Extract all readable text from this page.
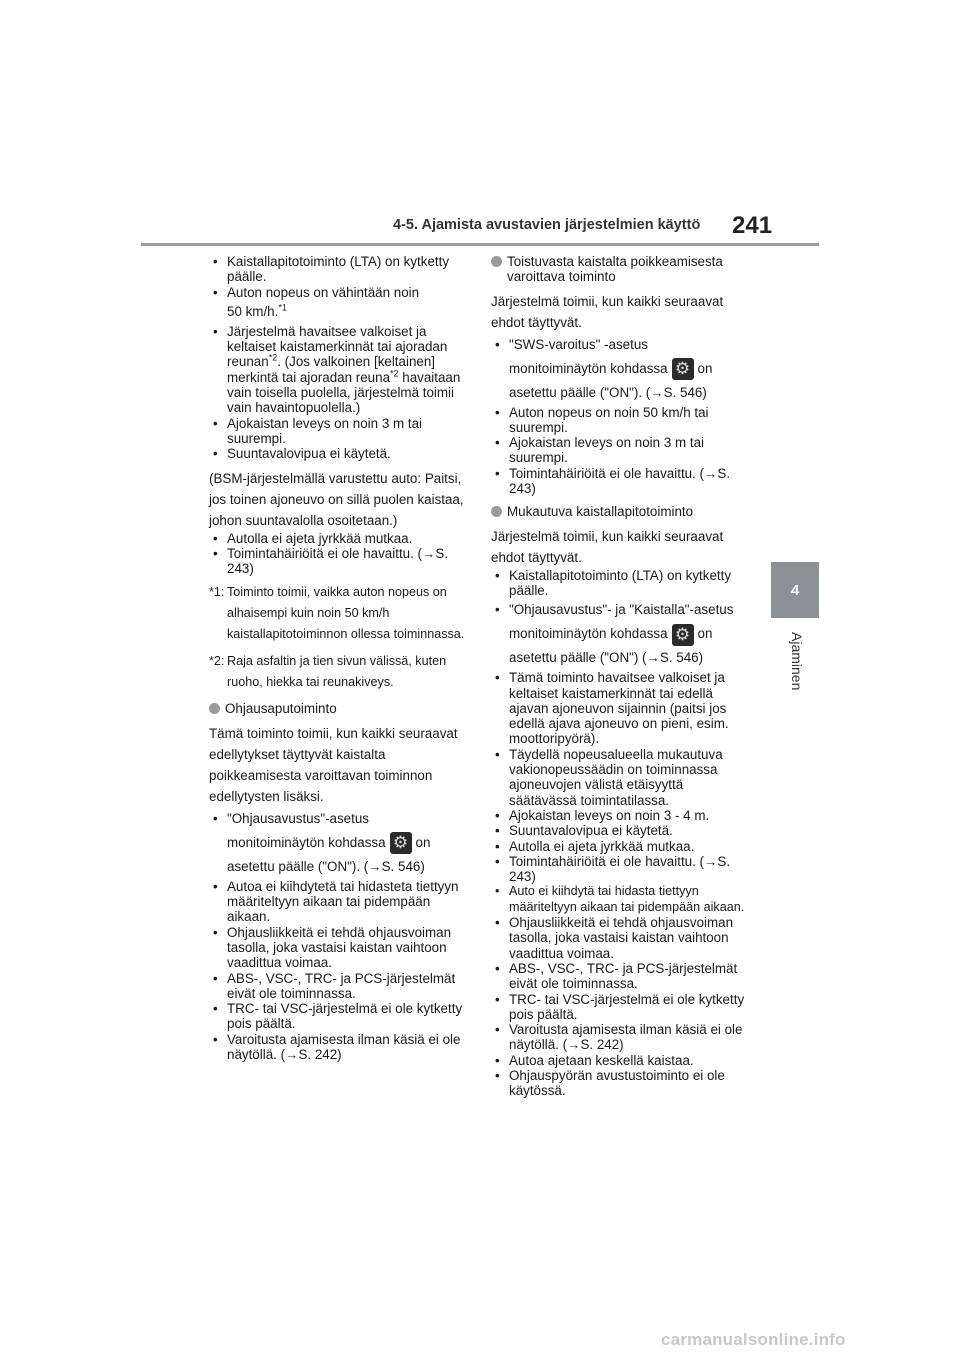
4-5. Ajamista avustavien järjestelmien käyttö 241
4
Ajaminen
• Kaistallapitotoiminto (LTA) on kytketty päälle.
• Auton nopeus on vähintään noin
50 km/h.$^{*1}$
• Järjestelmä havaitsee valkoiset ja keltaiset kaistamerkinnät tai ajoradan reunan$^{*2}$. (Jos valkoinen [keltainen] merkintä tai ajoradan reuna$^{*2}$ havaitaan vain toisella puolella, järjestelmä toimii vain havaintopuolella.)
• Ajokaistan leveys on noin 3 m tai suurempi.
• Suuntavalovipua ei käytetä.

(BSM-järjestelmällä varustettu auto: Paitsi, jos toinen ajoneuvo on sillä puolen kaistaa, johon suuntavalolla osoitetaan.)

• Autolla ei ajeta jyrkkää mutkaa.
• Toimintahäiriöitä ei ole havaittu. (→S. 243)
*1: Toiminto toimii, vaikka auton nopeus on alhaisempi kuin noin 50 km/h kaistallapitotoiminnon ollessa toiminnassa.
*2: Raja asfaltin ja tien sivun välissä, kuten ruoho, hiekka tai reunakiveys.
Ohjausaputoiminto

Tämä toiminto toimii, kun kaikki seuraavat edellytykset täyttyvät kaistalta poikkeamisesta varoittavan toiminnon edellytysten lisäksi.

• "Ohjausavustus"-asetus monitoiminäytön kohdassa ⚙ on asetettu päälle ("ON"). (→S. 546)
• Autoa ei kiihdytetä tai hidasteta tiettyyn määriteltyyn aikaan tai pidempään aikaan.
• Ohjausliikkeitä ei tehdä ohjausvoiman tasolla, joka vastaisi kaistan vaihtoon vaadittua voimaa.
• ABS-, VSC-, TRC- ja PCS-järjestelmät eivät ole toiminnassa.
• TRC- tai VSC-järjestelmä ei ole kytketty pois päältä.
• Varoitusta ajamisesta ilman käsiä ei ole näytöllä. (→S. 242)
Toistuvasta kaistalta poikkeamisesta varoittava toiminto

Järjestelmä toimii, kun kaikki seuraavat ehdot täyttyvät.

• "SWS-varoitus" -asetus monitoiminäytön kohdassa ⚙ on asetettu päälle ("ON"). (→S. 546)
• Auton nopeus on noin 50 km/h tai suurempi.
• Ajokaistan leveys on noin 3 m tai suurempi.
• Toimintahäiriöitä ei ole havaittu. (→S. 243)
Mukautuva kaistallapitotoiminto

Järjestelmä toimii, kun kaikki seuraavat ehdot täyttyvät.

• Kaistallapitotoiminto (LTA) on kytketty päälle.
• "Ohjausavustus"- ja "Kaistalla"-asetus monitoiminäytön kohdassa ⚙ on asetettu päälle ("ON") (→S. 546)
• Tämä toiminto havaitsee valkoiset ja keltaiset kaistamerkinnät tai edellä ajavan ajoneuvon sijainnin (paitsi jos edellä ajava ajoneuvo on pieni, esim. moottoripyörä).
• Täydellä nopeusalueella mukautuva vakionopeussäädin on toiminnassa ajoneuvojen välistä etäisyyttä säätävässä toimintatilassa.
• Ajokaistan leveys on noin 3 - 4 m.
• Suuntavalovipua ei käytetä.
• Autolla ei ajeta jyrkkää mutkaa.
• Toimintahäiriöitä ei ole havaittu. (→S. 243)
• Auto ei kiihdytä tai hidasta tiettyyn määriteltyyn aikaan tai pidempään aikaan.
• Ohjausliikkeitä ei tehdä ohjausvoiman tasolla, joka vastaisi kaistan vaihtoon vaadittua voimaa.
• ABS-, VSC-, TRC- ja PCS-järjestelmät eivät ole toiminnassa.
• TRC- tai VSC-järjestelmä ei ole kytketty pois päältä.
• Varoitusta ajamisesta ilman käsiä ei ole näytöllä. (→S. 242)
• Autoa ajetaan keskellä kaistaa.
• Ohjauspyörän avustustoiminto ei ole käytössä.
carmanualsonline.info
